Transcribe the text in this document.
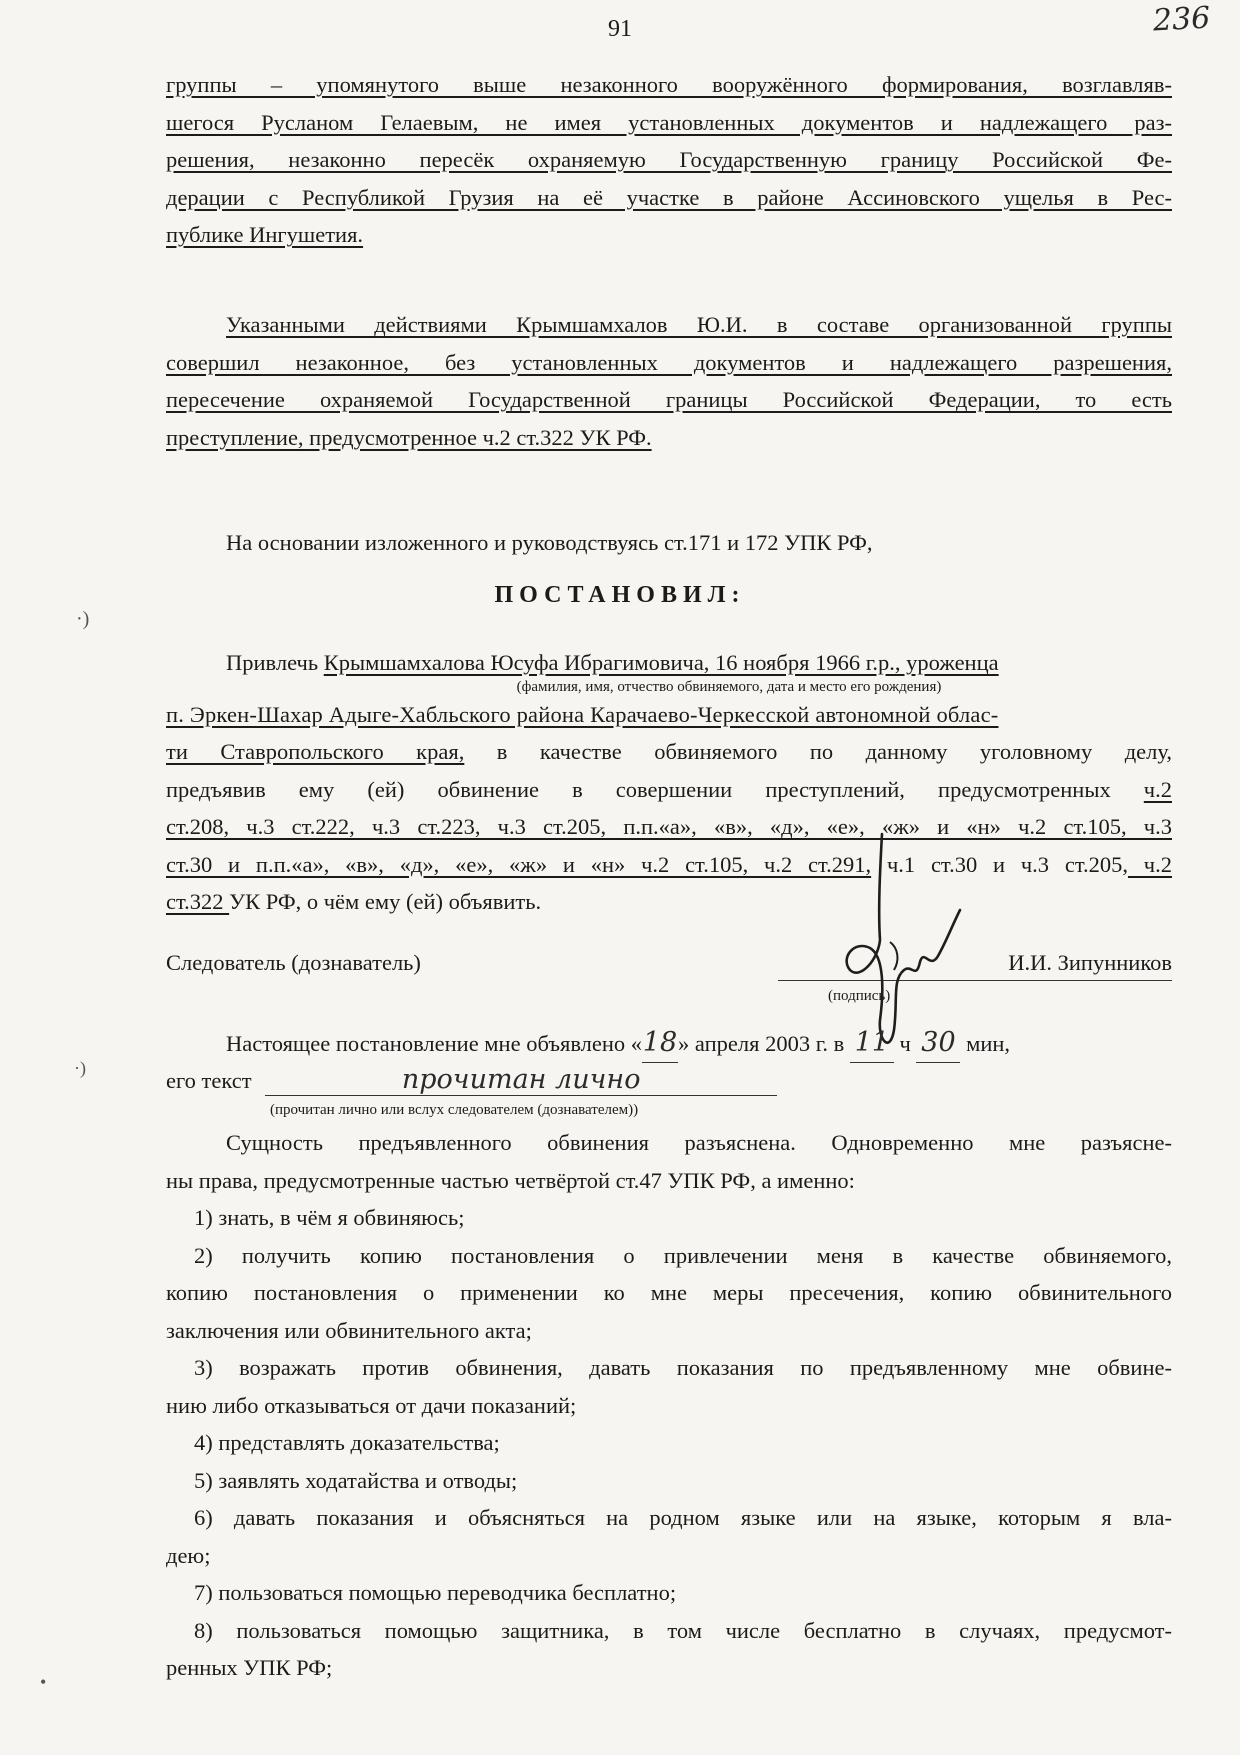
91	236
группы – упомянутого выше незаконного вооружённого формирования, возглавляв-
шегося Русланом Гелаевым, не имея установленных документов и надлежащего раз-
решения, незаконно пересёк охраняемую Государственную границу Российской Фе-
дерации с Республикой Грузия на её участке в районе Ассиновского ущелья в Рес-
публике Ингушетия.
Указанными действиями Крымшамхалов Ю.И. в составе организованной группы
совершил незаконное, без установленных документов и надлежащего разрешения,
пересечение охраняемой Государственной границы Российской Федерации, то есть
преступление, предусмотренное ч.2 ст.322 УК РФ.
На основании изложенного и руководствуясь ст.171 и 172 УПК РФ,
ПОСТАНОВИЛ:
Привлечь Крымшамхалова Юсуфа Ибрагимовича, 16 ноября 1966 г.р., уроженца
(фамилия, имя, отчество обвиняемого, дата и место его рождения)
п. Эркен-Шахар Адыге-Хабльского района Карачаево-Черкесской автономной облас-
ти Ставропольского края, в качестве обвиняемого по данному уголовному делу,
предъявив ему (ей) обвинение в совершении преступлений, предусмотренных ч.2
ст.208, ч.3 ст.222, ч.3 ст.223, ч.3 ст.205, п.п.«а», «в», «д», «е», «ж» и «н» ч.2 ст.105, ч.3
ст.30 и п.п.«а», «в», «д», «е», «ж» и «н» ч.2 ст.105, ч.2 ст.291, ч.1 ст.30 и ч.3 ст.205, ч.2
ст.322 УК РФ, о чём ему (ей) объявить.
Следователь (дознаватель)	И.И. Зипунников
(подпись)
Настоящее постановление мне объявлено «18» апреля 2003 г. в 11 ч 30 мин,
его текст	прочитан лично
(прочитан лично или вслух следователем (дознавателем))
Сущность предъявленного обвинения разъяснена. Одновременно мне разъясне-
ны права, предусмотренные частью четвёртой ст.47 УПК РФ, а именно:
1) знать, в чём я обвиняюсь;
2) получить копию постановления о привлечении меня в качестве обвиняемого,
копию постановления о применении ко мне меры пресечения, копию обвинительного
заключения или обвинительного акта;
3) возражать против обвинения, давать показания по предъявленному мне обвине-
нию либо отказываться от дачи показаний;
4) представлять доказательства;
5) заявлять ходатайства и отводы;
6) давать показания и объясняться на родном языке или на языке, которым я вла-
дею;
7) пользоваться помощью переводчика бесплатно;
8) пользоваться помощью защитника, в том числе бесплатно в случаях, предусмот-
ренных УПК РФ;
·)
·)
•
